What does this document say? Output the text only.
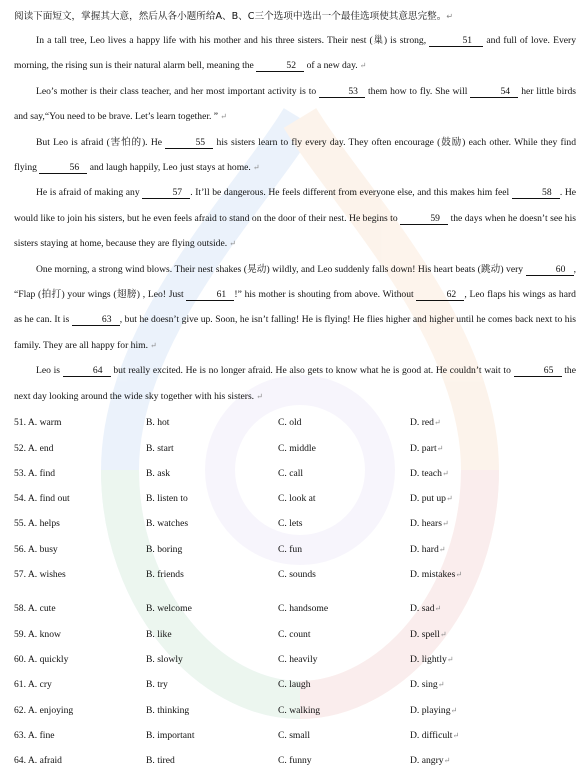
阅读下面短文，掌握其大意，然后从各小题所给A、B、C三个选项中选出一个最佳选项使其意思完整。↵

In a tall tree, Leo lives a happy life with his mother and his three sisters. Their nest (巢) is strong,	51 and full of love. Every morning, the rising sun is their natural alarm bell, meaning the	52 of a new day. ↵

Leo’s mother is their class teacher, and her most important activity is to	53 them how to fly. She will	54 her little birds and say,“You need to be brave. Let’s learn together. ” ↵

But Leo is afraid (害怕的). He	55 his sisters learn to fly every day. They often encourage (鼓励) each other. While they find flying	56 and laugh happily, Leo just stays at home. ↵

He is afraid of making any	57 . It’ll be dangerous. He feels different from everyone else, and this makes him feel	58 . He would like to join his sisters, but he even feels afraid to stand on the door of their nest. He begins to	59 the days when he doesn’t see his sisters staying at home, because they are flying outside. ↵

One morning, a strong wind blows. Their nest shakes (晃动) wildly, and Leo suddenly falls down! His heart beats (跳动) very	60 , “Flap (拍打) your wings (翅膀) , Leo! Just	61 !” his mother is shouting from above. Without	62 , Leo flaps his wings as hard as he can. It is	63 , but he doesn’t give up. Soon, he isn’t falling! He is flying! He flies higher and higher until he comes back next to his family. They are all happy for him. ↵

Leo is	64 but really excited. He is no longer afraid. He also gets to know what he is good at. He couldn’t wait to	65 the next day looking around the wide sky together with his sisters. ↵

51. A. warm	B. hot	C. old	D. red↵
52. A. end	B. start	C. middle	D. part↵
53. A. find	B. ask	C. call	D. teach↵
54. A. find out	B. listen to	C. look at	D. put up↵
55. A. helps	B. watches	C. lets	D. hears↵
56. A. busy	B. boring	C. fun	D. hard↵
57. A. wishes	B. friends	C. sounds	D. mistakes↵
58. A. cute	B. welcome	C. handsome	D. sad↵
59. A. know	B. like	C. count	D. spell↵
60. A. quickly	B. slowly	C. heavily	D. lightly↵
61. A. cry	B. try	C. laugh	D. sing↵
62. A. enjoying	B. thinking	C. walking	D. playing↵
63. A. fine	B. important	C. small	D. difficult↵
64. A. afraid	B. tired	C. funny	D. angry↵
